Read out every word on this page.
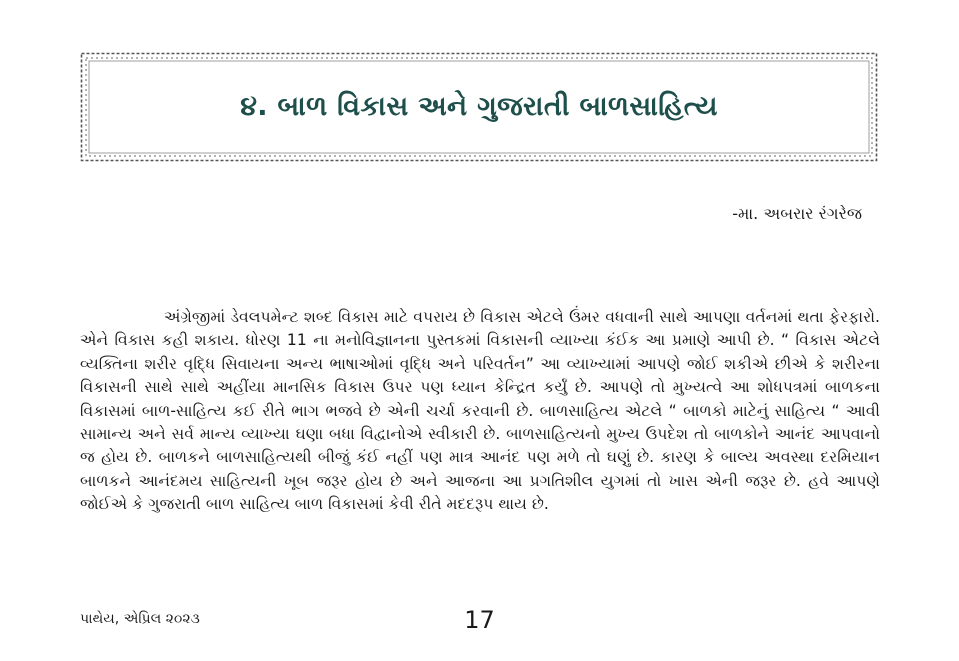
૪. બાળ વિકાસ અને ગુજરાતી બાળસાહિત્ય
-મા. અબરાર રંગરેજ
અંગ્રેજીમાં ડેવલપમેન્ટ શબ્દ વિકાસ માટે વપરાય છે વિકાસ એટલે ઉંમર વધવાની સાથે આપણા વર્તનમાં થતા ફેરફારો. એને વિકાસ કહી શકાય. ધોરણ 11 ના મનોવિજ્ઞાનના પુસ્તકમાં વિકાસની વ્યાખ્યા કંઈક આ પ્રમાણે આપી છે. “ વિકાસ એટલે વ્યક્તિના શરીર વૃદ્ધિ સિવાયના અન્ય ભાષાઓમાં વૃદ્ધિ અને પરિવર્તન” આ વ્યાખ્યામાં આપણે જોઈ શકીએ છીએ કે શરીરના વિકાસની સાથે સાથે અહીંયા માનસિક વિકાસ ઉપર પણ ધ્યાન કેન્દ્રિત કર્યું છે. આપણે તો મુખ્યત્વે આ શોધપત્રમાં બાળકના વિકાસમાં બાળ-સાહિત્ય કઈ રીતે ભાગ ભજવે છે એની ચર્ચા કરવાની છે. બાળસાહિત્ય એટલે “ બાળકો માટેનું સાહિત્ય “ આવી સામાન્ય અને સર્વ માન્ય વ્યાખ્યા ઘણા બધા વિદ્વાનોએ સ્વીકારી છે. બાળસાહિત્યનો મુખ્ય ઉપદેશ તો બાળકોને આનંદ આપવાનો જ હોય છે. બાળકને બાળસાહિત્યથી બીજું કંઈ નહીં પણ માત્ર આનંદ પણ મળે તો ઘણું છે. કારણ કે બાલ્ય અવસ્થા દરમિયાન બાળકને આનંદમય સાહિત્યની ખૂબ જરૂર હોય છે અને આજના આ પ્રગતિશીલ યુગમાં તો ખાસ એની જરૂર છે. હવે આપણે જોઈએ કે ગુજરાતી બાળ સાહિત્ય બાળ વિકાસમાં કેવી રીતે મદદરૂપ થાય છે.
પાથેય, એપ્રિલ ૨૦૨૩	17
